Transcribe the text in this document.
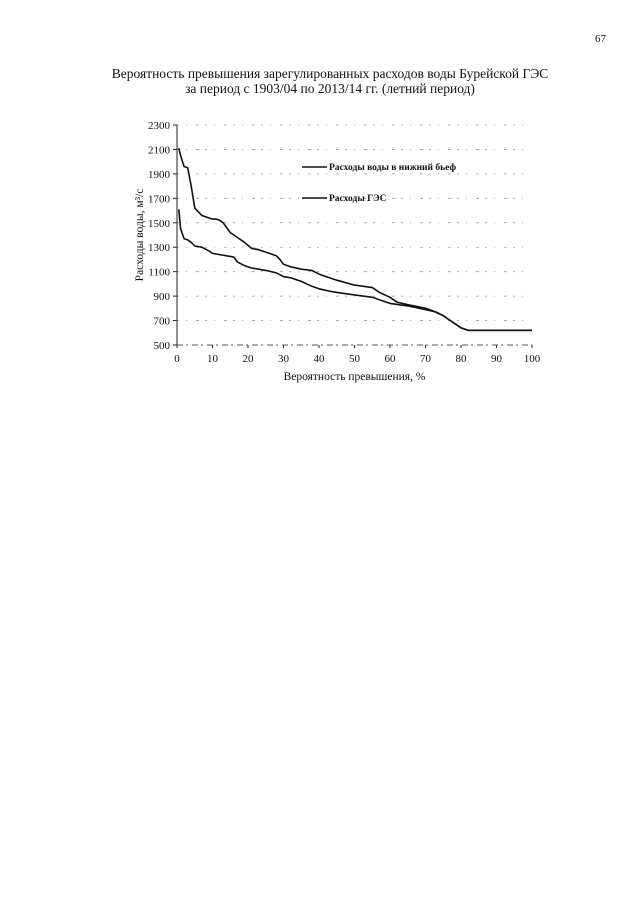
67
Вероятность превышения зарегулированных расходов воды Бурейской ГЭС
за период с 1903/04 по 2013/14 гг. (летний период)
500
700
900
1100
1300
1500
1700
1900
2100
2300
0 10 20 30 40 50 60 70 80 90 100
Расходы воды в нижний бьеф
Расходы ГЭС
Вероятность превышения, %
Расходы воды, м³/с
